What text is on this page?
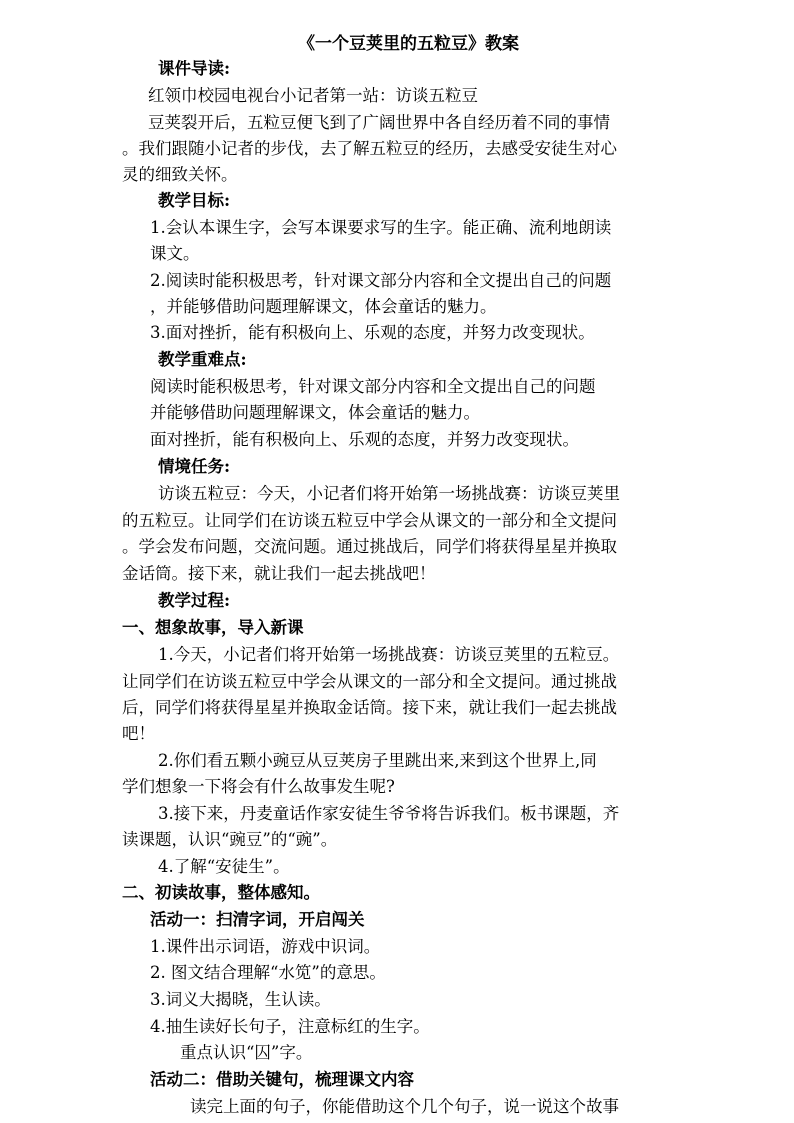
《一个豆荚里的五粒豆》教案
课件导读:
红领巾校园电视台小记者第一站：访谈五粒豆
豆荚裂开后，五粒豆便飞到了广阔世界中各自经历着不同的事情
。我们跟随小记者的步伐，去了解五粒豆的经历，去感受安徒生对心
灵的细致关怀。
教学目标:
1.会认本课生字，会写本课要求写的生字。能正确、流利地朗读
课文。
2.阅读时能积极思考，针对课文部分内容和全文提出自己的问题
，并能够借助问题理解课文，体会童话的魅力。
3.面对挫折，能有积极向上、乐观的态度，并努力改变现状。
教学重难点:
阅读时能积极思考，针对课文部分内容和全文提出自己的问题
并能够借助问题理解课文，体会童话的魅力。
面对挫折，能有积极向上、乐观的态度，并努力改变现状。
情境任务:
访谈五粒豆：今天，小记者们将开始第一场挑战赛：访谈豆荚里
的五粒豆。让同学们在访谈五粒豆中学会从课文的一部分和全文提问
。学会发布问题，交流问题。通过挑战后，同学们将获得星星并换取
金话筒。接下来，就让我们一起去挑战吧！
教学过程:
一、想象故事，导入新课
1.今天，小记者们将开始第一场挑战赛：访谈豆荚里的五粒豆。
让同学们在访谈五粒豆中学会从课文的一部分和全文提问。通过挑战
后，同学们将获得星星并换取金话筒。接下来，就让我们一起去挑战
吧！
2.你们看五颗小豌豆从豆荚房子里跳出来,来到这个世界上,同
学们想象一下将会有什么故事发生呢?
3.接下来，丹麦童话作家安徒生爷爷将告诉我们。板书课题，齐
读课题，认识“豌豆”的“豌”。
4.了解“安徒生”。
二、初读故事，整体感知。
活动一：扫清字词，开启闯关
1.课件出示词语，游戏中识词。
2. 图文结合理解“水笕”的意思。
3.词义大揭晓，生认读。
4.抽生读好长句子，注意标红的生字。
重点认识“囚”字。
活动二：借助关键句，梳理课文内容
读完上面的句子，你能借助这个几个句子，说一说这个故事
